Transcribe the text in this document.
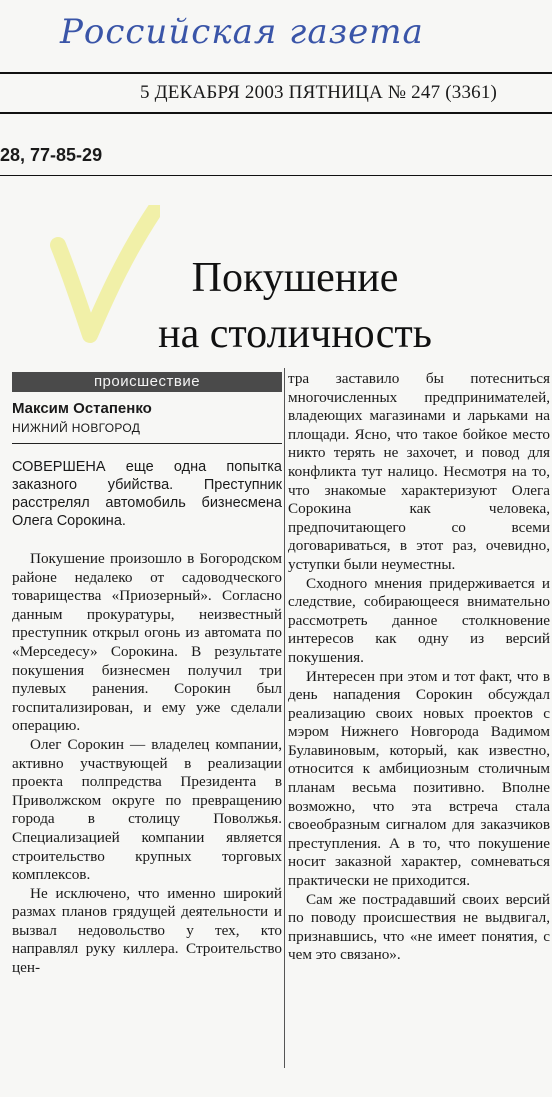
Российская газета
5 ДЕКАБРЯ 2003 ПЯТНИЦА № 247 (3361)
28, 77-85-29
Покушение
на столичность
происшествие
Максим Остапенко
НИЖНИЙ НОВГОРОД

СОВЕРШЕНА еще одна попытка заказного убийства. Преступник расстрелял автомобиль бизнесмена Олега Сорокина.

Покушение произошло в Богородском районе недалеко от садоводческого товарищества «Приозерный». Согласно данным прокуратуры, неизвестный преступник открыл огонь из автомата по «Мерседесу» Сорокина. В результате покушения бизнесмен получил три пулевых ранения. Сорокин был госпитализирован, и ему уже сделали операцию.

Олег Сорокин — владелец компании, активно участвующей в реализации проекта полпредства Президента в Приволжском округе по превращению города в столицу Поволжья. Специализацией компании является строительство крупных торговых комплексов.

Не исключено, что именно широкий размах планов грядущей деятельности и вызвал недовольство у тех, кто направлял руку киллера. Строительство цен-

тра заставило бы потесниться многочисленных предпринимателей, владеющих магазинами и ларьками на площади. Ясно, что такое бойкое место никто терять не захочет, и повод для конфликта тут налицо. Несмотря на то, что знакомые характеризуют Олега Сорокина как человека, предпочитающего со всеми договариваться, в этот раз, очевидно, уступки были неуместны.

Сходного мнения придерживается и следствие, собирающееся внимательно рассмотреть данное столкновение интересов как одну из версий покушения.

Интересен при этом и тот факт, что в день нападения Сорокин обсуждал реализацию своих новых проектов с мэром Нижнего Новгорода Вадимом Булавиновым, который, как известно, относится к амбициозным столичным планам весьма позитивно. Вполне возможно, что эта встреча стала своеобразным сигналом для заказчиков преступления. А в то, что покушение носит заказной характер, сомневаться практически не приходится.

Сам же пострадавший своих версий по поводу происшествия не выдвигал, признавшись, что «не имеет понятия, с чем это связано».
